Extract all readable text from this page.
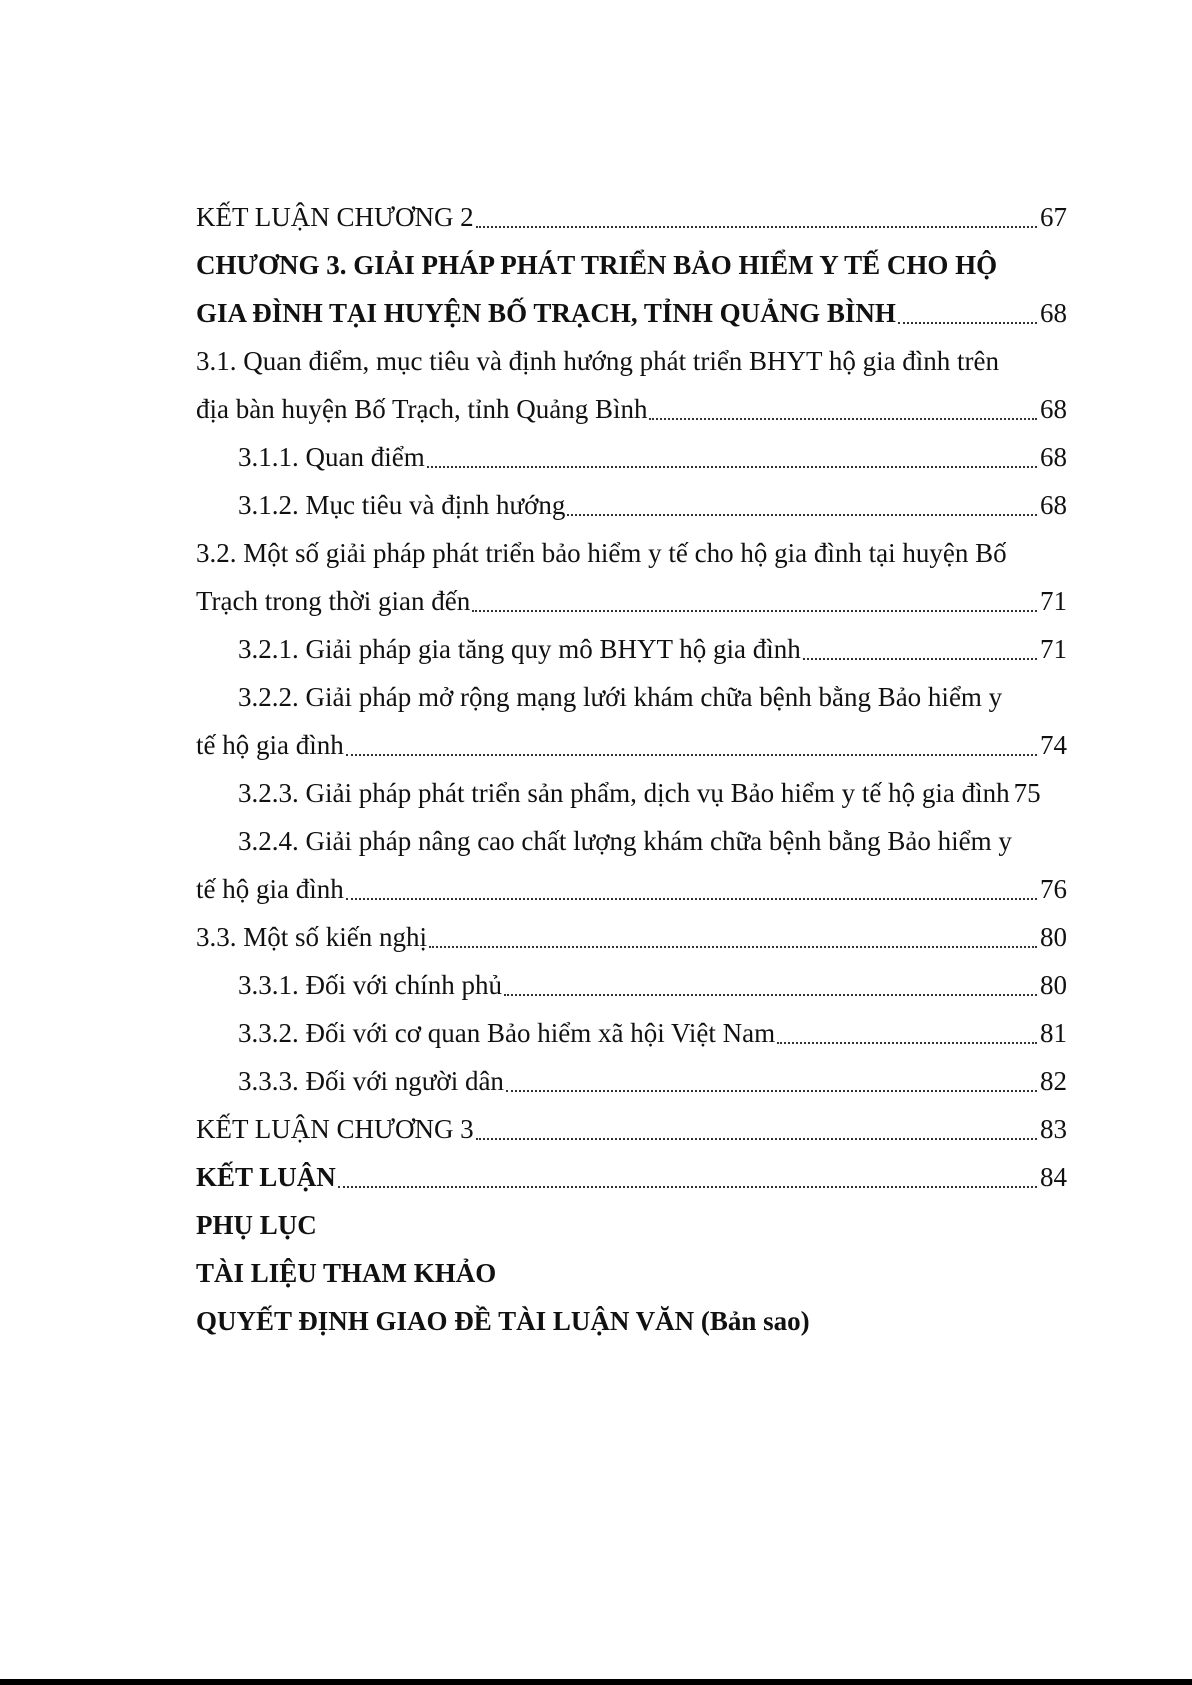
KẾT LUẬN CHƯƠNG 2	67
CHƯƠNG 3. GIẢI PHÁP PHÁT TRIỂN BẢO HIỂM Y TẾ CHO HỘ
GIA ĐÌNH TẠI HUYỆN BỐ TRẠCH, TỈNH QUẢNG BÌNH	68
3.1. Quan điểm, mục tiêu và định hướng phát triển BHYT hộ gia đình trên
địa bàn huyện Bố Trạch, tỉnh Quảng Bình	68
3.1.1. Quan điểm	68
3.1.2. Mục tiêu và định hướng	68
3.2. Một số giải pháp phát triển bảo hiểm y tế cho hộ gia đình tại huyện Bố
Trạch trong thời gian đến	71
3.2.1. Giải pháp gia tăng quy mô BHYT hộ gia đình	71
3.2.2. Giải pháp mở rộng mạng lưới khám chữa bệnh bằng Bảo hiểm y
tế hộ gia đình	74
3.2.3. Giải pháp phát triển sản phẩm, dịch vụ Bảo hiểm y tế hộ gia đình 75
3.2.4. Giải pháp nâng cao chất lượng khám chữa bệnh bằng Bảo hiểm y
tế hộ gia đình	76
3.3. Một số kiến nghị	80
3.3.1. Đối với chính phủ	80
3.3.2. Đối với cơ quan Bảo hiểm xã hội Việt Nam	81
3.3.3. Đối với người dân	82
KẾT LUẬN CHƯƠNG 3	83
KẾT LUẬN	84
PHỤ LỤC
TÀI LIỆU THAM KHẢO
QUYẾT ĐỊNH GIAO ĐỀ TÀI LUẬN VĂN (Bản sao)
